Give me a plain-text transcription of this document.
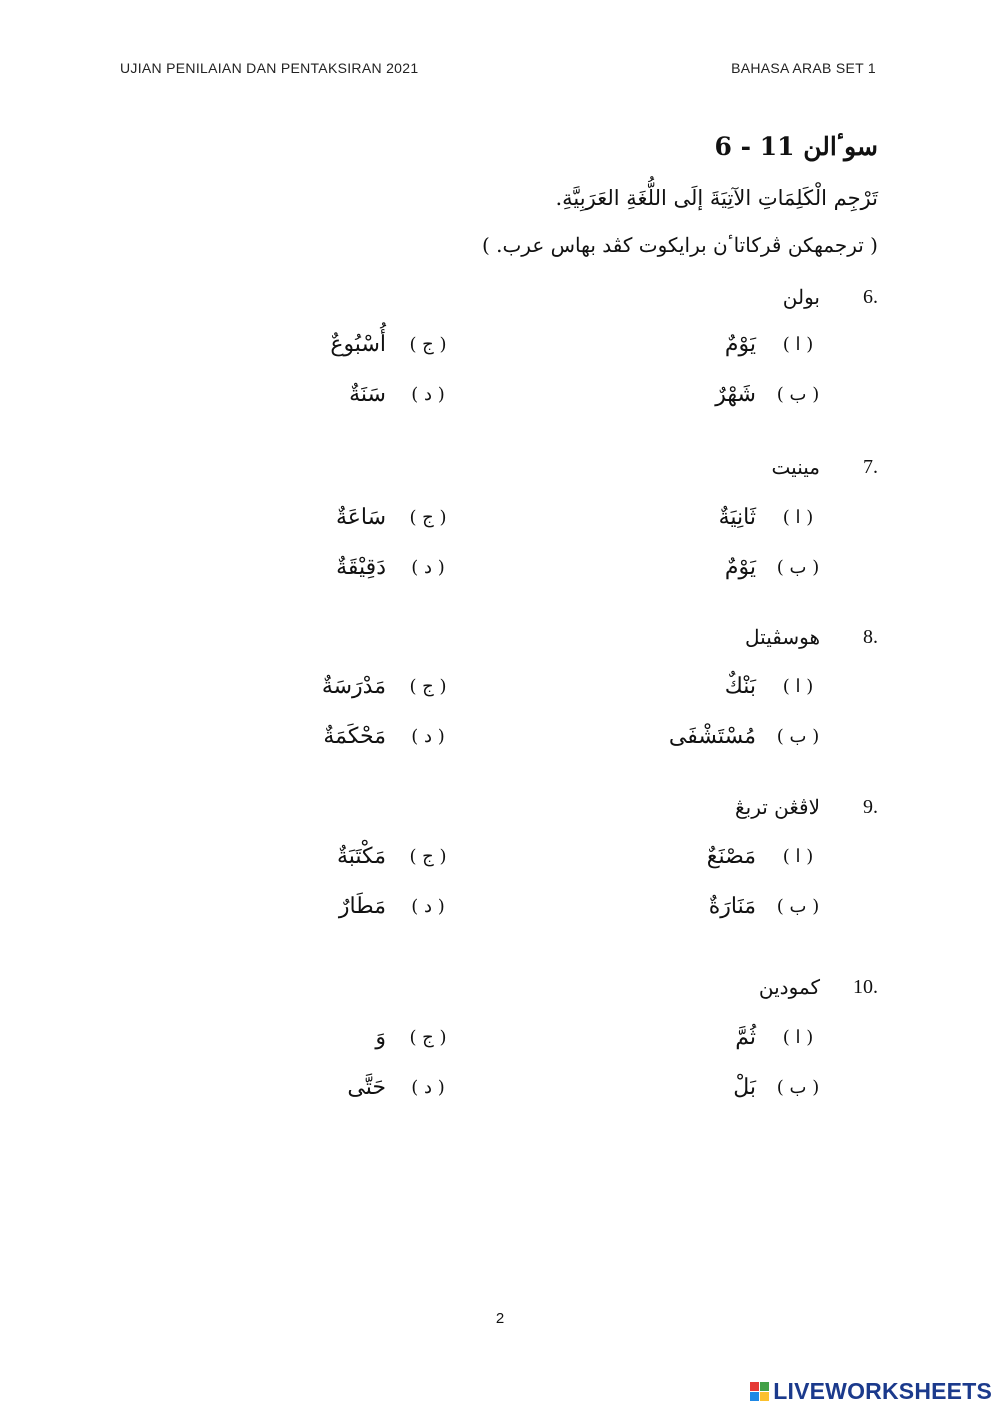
UJIAN PENILAIAN DAN PENTAKSIRAN 2021	BAHASA ARAB SET 1
سوٴالن 11 - 6
تَرْجِم الْكَلِمَاتِ الآتِيَةَ إلَى اللُّغَةِ العَرَبِيَّةِ.
( ترجمهكن ڤركاتاٴن برايكوت كڤد بهاس عرب. )
6.
بولن
( ا )
يَوْمٌ
( ب )
شَهْرٌ
( ج )
أُسْبُوعٌ
( د )
سَنَةٌ
7.
مينيت
( ا )
ثَانِيَةٌ
( ب )
يَوْمٌ
( ج )
سَاعَةٌ
( د )
دَقِيْقَةٌ
8.
هوسڤيتل
( ا )
بَنْكٌ
( ب )
مُسْتَشْفَى
( ج )
مَدْرَسَةٌ
( د )
مَحْكَمَةٌ
9.
لاڤڠن تربڠ
( ا )
مَصْنَعٌ
( ب )
مَنَارَةٌ
( ج )
مَكْتَبَةٌ
( د )
مَطَارٌ
10.
كمودين
( ا )
ثُمَّ
( ب )
بَلْ
( ج )
وَ
( د )
حَتَّى
2
LIVEWORKSHEETS
